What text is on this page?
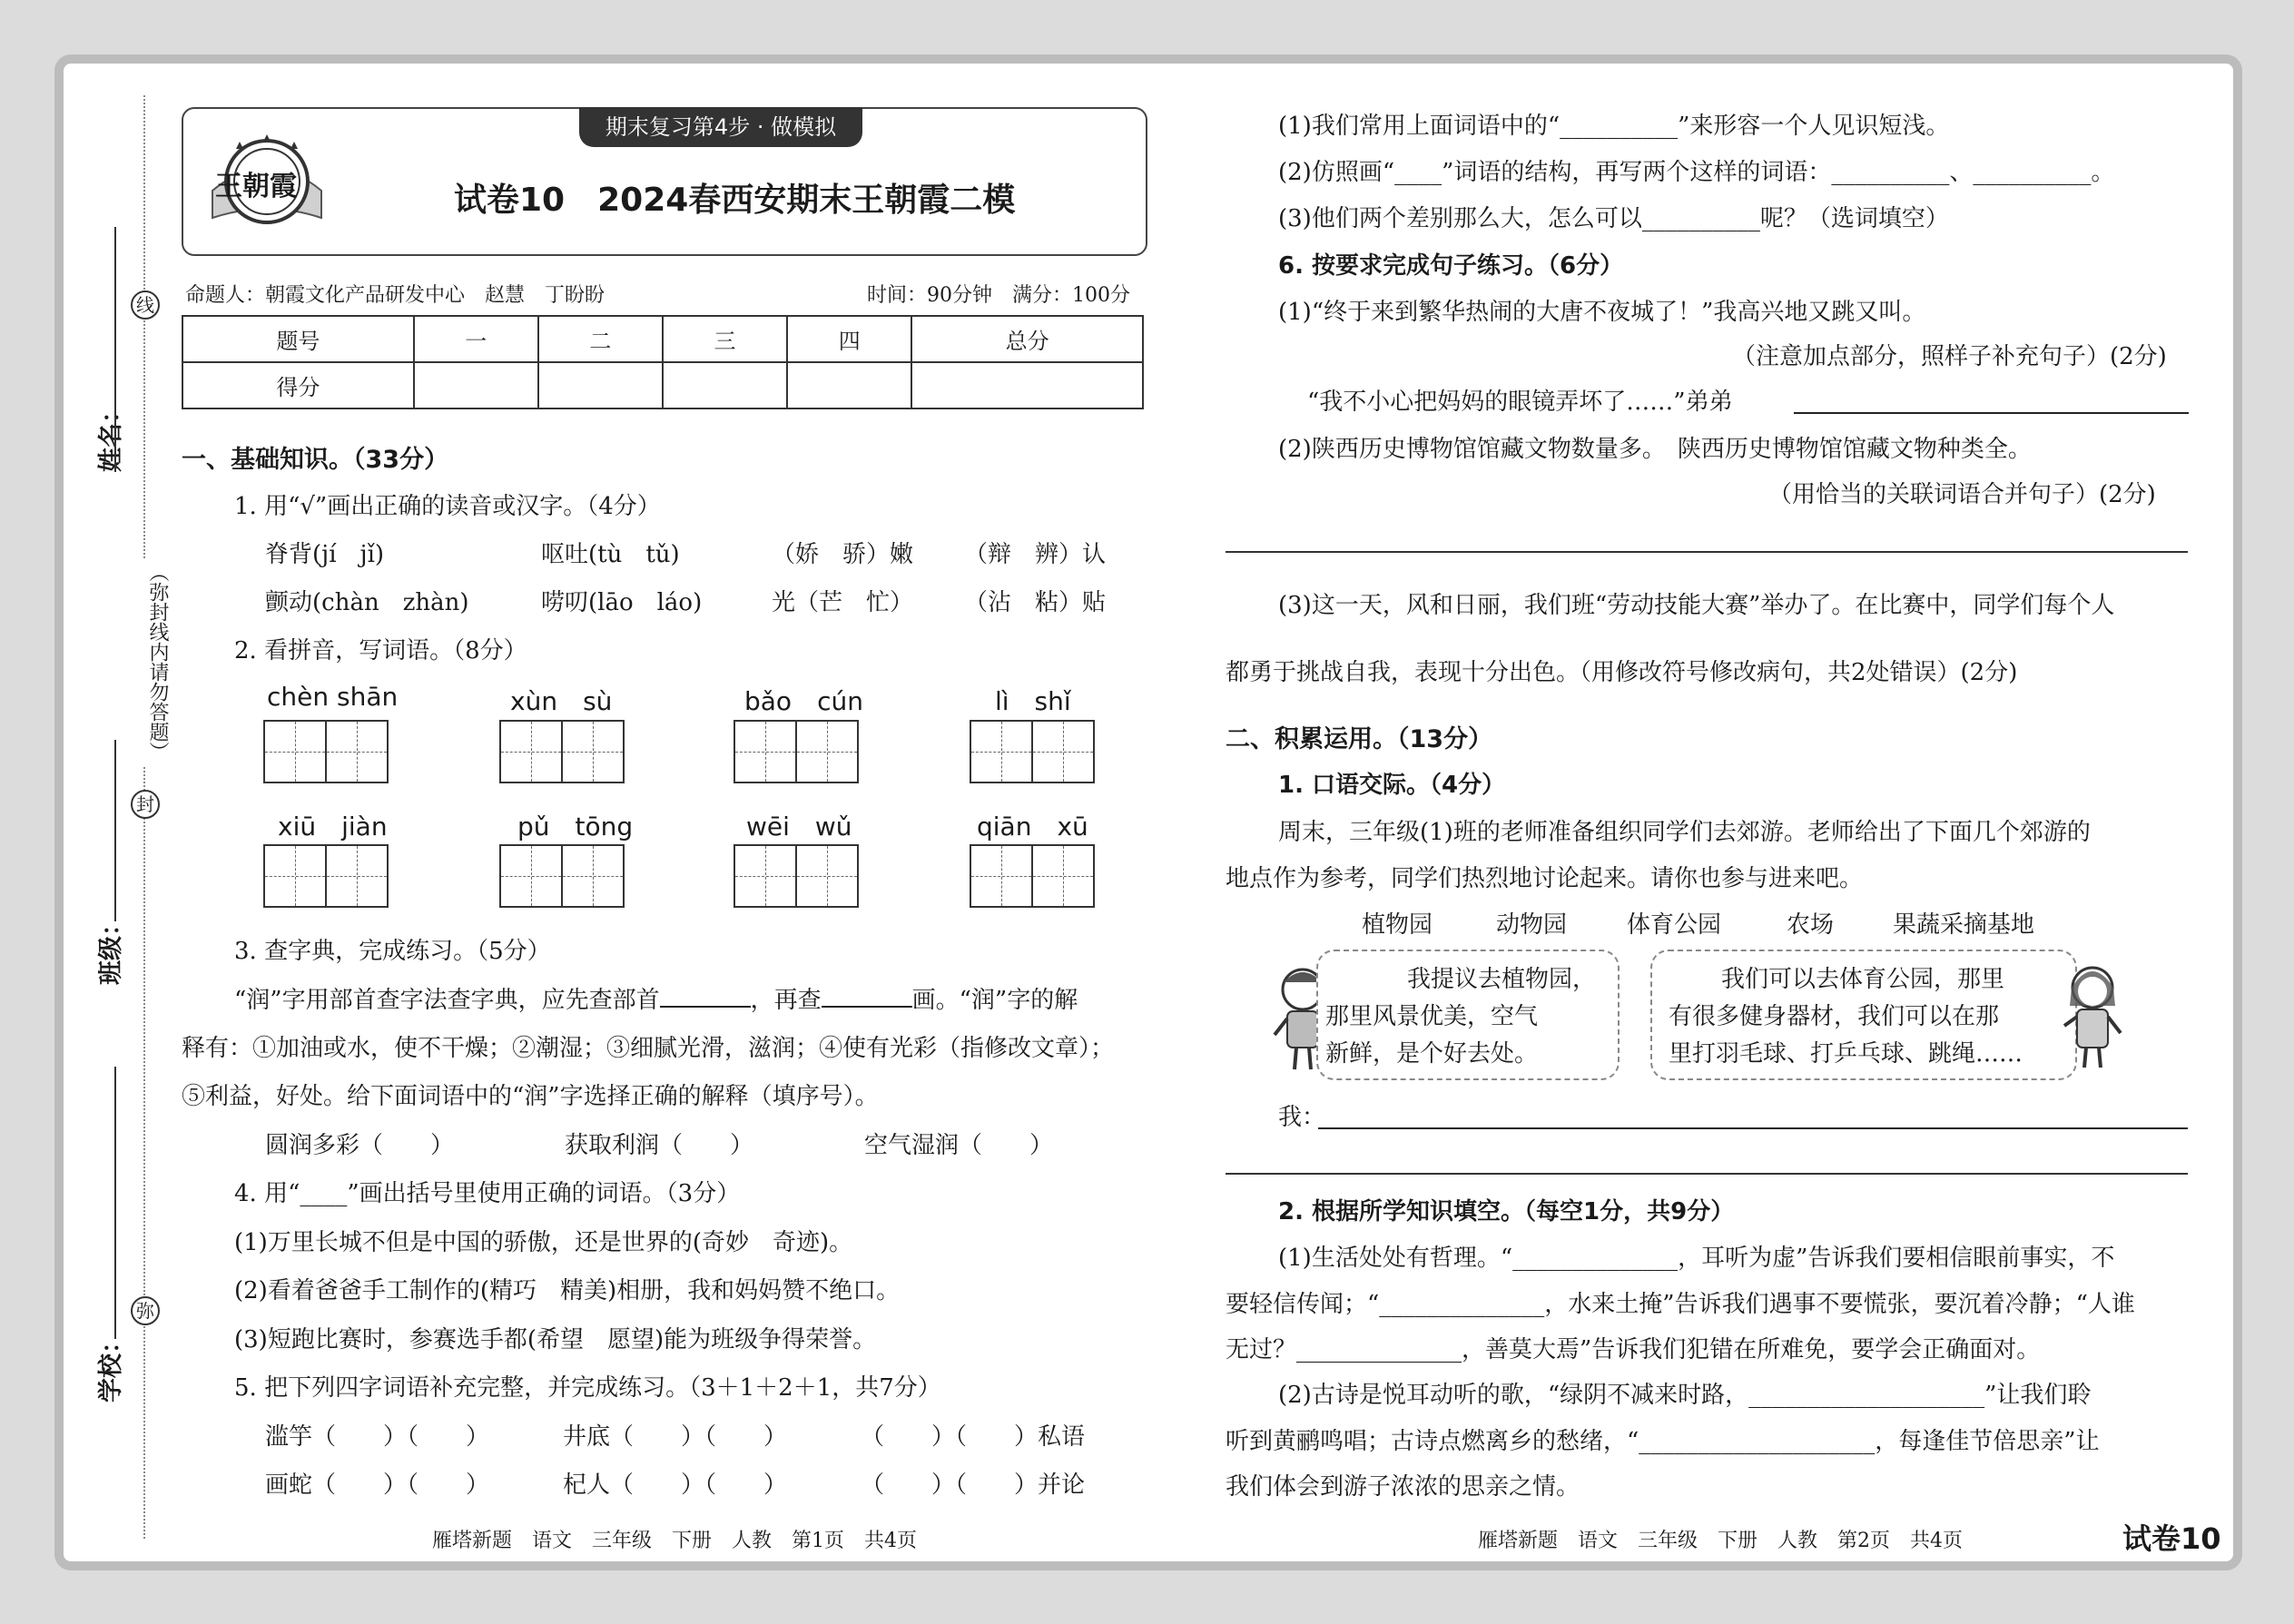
姓名：
班级：
学校：
（弥封线内请勿答题）
线
封
弥
期末复习第4步 · 做模拟
王朝霞	试卷10　2024春西安期末王朝霞二模
命题人：朝霞文化产品研发中心　赵慧　丁盼盼	时间：90分钟　满分：100分
题号	一	二	三	四	总分
得分					
一、基础知识。（33分）
1. 用“√”画出正确的读音或汉字。（4分）
脊背(jí　jǐ)	呕吐(tù　tǔ)	（娇　骄）嫩 （辩　辨）认
颤动(chàn　zhàn)	唠叨(lāo　láo)	光（芒　忙） （沾　粘）贴
2. 看拼音，写词语。（8分）
chèn shān	xùn　sù	bǎo　cún	lì　shǐ
xiū　jiàn	pǔ　tōng	wēi　wǔ	qiān　xū
3. 查字典，完成练习。（5分）
“润”字用部首查字法查字典，应先查部首	，再查	画。“润”字的解
释有：①加油或水，使不干燥；②潮湿；③细腻光滑，滋润；④使有光彩（指修改文章）；
⑤利益，好处。给下面词语中的“润”字选择正确的解释（填序号）。
圆润多彩（　　）	获取利润（　　）	空气湿润（　　）
4. 用“____”画出括号里使用正确的词语。（3分）
(1)万里长城不但是中国的骄傲，还是世界的(奇妙　奇迹)。
(2)看着爸爸手工制作的(精巧　精美)相册，我和妈妈赞不绝口。
(3)短跑比赛时，参赛选手都(希望　愿望)能为班级争得荣誉。
5. 把下列四字词语补充完整，并完成练习。（3＋1＋2＋1，共7分）
滥竽（　　）（　　）	井底（　　）（　　）	（　　）（　　）私语
画蛇（　　）（　　）	杞人（　　）（　　）	（　　）（　　）并论
(1)我们常用上面词语中的“__________”来形容一个人见识短浅。
(2)仿照画“____”词语的结构，再写两个这样的词语：__________、__________。
(3)他们两个差别那么大，怎么可以__________呢？（选词填空）
6. 按要求完成句子练习。（6分）
(1)“终于来到繁华热闹的大唐不夜城了！”我高兴地又跳又叫。
（注意加点部分，照样子补充句子）(2分)
“我不小心把妈妈的眼镜弄坏了……”弟弟
(2)陕西历史博物馆馆藏文物数量多。　陕西历史博物馆馆藏文物种类全。
（用恰当的关联词语合并句子）(2分)
(3)这一天，风和日丽，我们班“劳动技能大赛”举办了。在比赛中，同学们每个人
都勇于挑战自我，表现十分出色。（用修改符号修改病句，共2处错误）(2分)
二、积累运用。（13分）
1. 口语交际。（4分）
周末，三年级(1)班的老师准备组织同学们去郊游。老师给出了下面几个郊游的
地点作为参考，同学们热烈地讨论起来。请你也参与进来吧。
植物园	动物园	体育公园	农场 果蔬采摘基地
我提议去植物园，
那里风景优美，空气
新鲜，是个好去处。
我们可以去体育公园，那里
有很多健身器材，我们可以在那
里打羽毛球、打乒乓球、跳绳……
我：
2. 根据所学知识填空。（每空1分，共9分）
(1)生活处处有哲理。“______________，耳听为虚”告诉我们要相信眼前事实，不
要轻信传闻；“______________，水来土掩”告诉我们遇事不要慌张，要沉着冷静；“人谁
无过？______________，善莫大焉”告诉我们犯错在所难免，要学会正确面对。
(2)古诗是悦耳动听的歌，“绿阴不减来时路，____________________”让我们聆
听到黄鹂鸣唱；古诗点燃离乡的愁绪，“____________________，每逢佳节倍思亲”让
我们体会到游子浓浓的思亲之情。
雁塔新题　语文　三年级　下册　人教　第1页　共4页	雁塔新题　语文　三年级　下册　人教　第2页　共4页	试卷10
